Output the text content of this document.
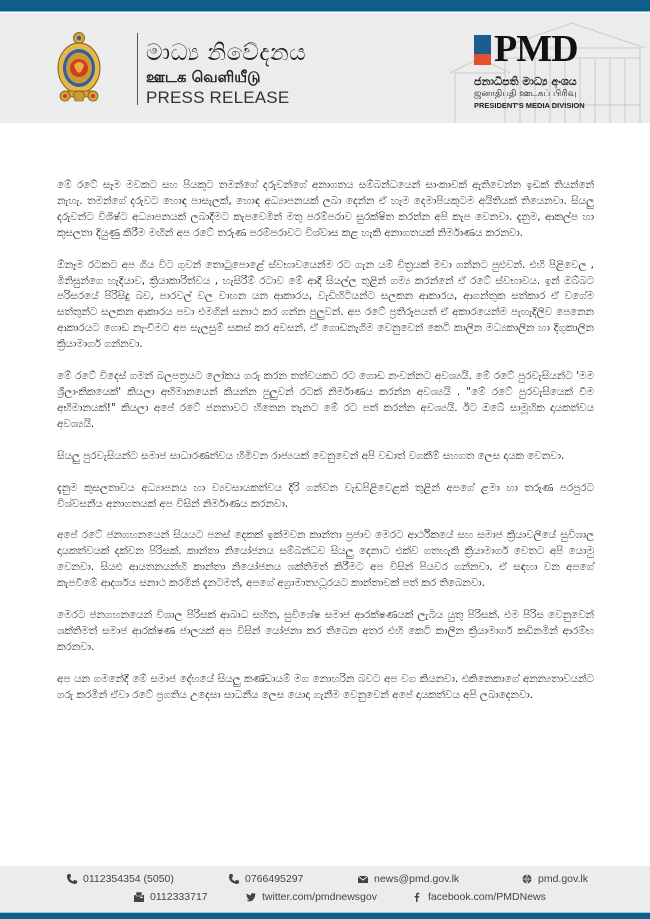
මාධ්‍ය නිවේදනය
ஊடக வெளியீடு
PRESS RELEASE
PMD
ජනාධිපති මාධ්‍ය අංශය
ஜனாதிபதி ஊடகப் பிரிவு
PRESIDENT'S MEDIA DIVISION

මේ රටේ සෑම මවකට සහ පියකුට තමන්ගේ දරුවන්ගේ අනාගතය සම්බන්ධයෙන් සාංකාවක් ඇතිවෙන්න ඉඩක් තියන්නේ නැහැ. තමන්ගේ දරුවට හොඳ පාසැලක්, හොඳ අධ්‍යාපනයක් ලබා දෙන්න ඒ හැම දෙමාපියකුටම අයිතියක් තියෙනවා. සියලු දරුවන්ට විශිෂ්ට අධ්‍යාපනයක් ලබාදීමට කැපවෙමින් මතු පරම්පරාව සුරක්ෂිත කරන්න අපි කැප වෙනවා. දැනුම, ආකල්ප හා කුසලතා දියුණු කිරීම මඟින් අප රටේ තරුණ පරම්පරාවට විශ්වාස කළ හැකි අනාගතයක් නිර්මාණය කරනවා.

ඕනෑම රටකට අප ගිය විට ගුවන් තොටුපොළේ ස්වභාවයෙන්ම රට ගැන යම් චිත්‍රයක් මවා ගන්නට පුළුවන්. එහි පිළිවෙල , මිනිසුන්ගෙ හැදියාව, ක්‍රියාකාරිත්වය , හැසිරීම් රටාව මේ ආදී සියල්ල තුළින් ගම්‍ය කරන්නේ ඒ රටේ ස්වභාවය. ඉන් ඔබ්බට පරිසරයේ පිරිසිදු බව, පාරවල් වල වාහන යන ආකාරය, වැඩිහිටියන්ට සලකන ආකාරය, ආගන්තුක සත්කාර ඒ වගේම සත්තුන්ට සලකන ආකාරය පවා එමගින් සනාථ කර ගන්න පුලුවන්. අප රටේ ප්‍රතිරූපයත් ඒ අකාරයෙන්ම පැහැදිලිව පෙනෙන ආකාරයට ගොඩ නැංවීමට අප සැලසුම් සකස් කර අවසන්. ඒ ගොඩනැගීම වෙනුවෙන් කෙටි කාලින මධ්‍යකාලින හා දිගුකාලින ක්‍රියාමාර්ග ගන්නවා.

මේ රටේ විදෙස් ගමන් බලපත්‍රයට ලෝකය ගරු කරන තත්වයකට රට ගොඩ නංවන්නට අවශ්‍යයි. මේ රටේ පුරවැසියන්ට 'මම ශ්‍රීලාංකිකයෙක්' කියලා අභිමානයෙන් කියන්න පුලුවන් රටක් නිර්මාණය කරන්න අවශ්‍යයි . "මේ රටේ පුරවැසියෙක් වීම අභිමානයක්!" කියලා අපේ රටේ ජනතාවට හිතෙන තැනට මේ රට පත් කරන්න අවශ්‍යයි. ඊට ඔබේ සාමූහික දායකත්වය අවශ්‍යයි.

සියලු පුරවැසියන්ට සමාජ සාධාරණත්වය හිමිවන රාජ්‍යයක් වෙනුවෙන් අපි වඩාත් වගකීම් සහගත ලෙස දායක වෙනවා.

දැනුම කුසලතාවය අධ්‍යාපනය හා ව්‍යවසායකත්වය දිරි ගන්වන වැඩපිළිවෙළක් තුළින් අපගේ ළමා හා තරුණ පරපුරට විශ්වසනීය අනාගතයක් අප විසින් නිර්මාණය කරනවා.

අපේ රටේ ජනගහනයෙන් සියයට පනස් දෙකක් ඉක්මවන කාන්තා ප්‍රජාව මෙරට ආර්ථිකයේ සහ සමාජ ක්‍රියාවලියේ සුවිශාල දායකත්වයක් දක්වන පිරිසක්. කාන්තා නියෝජනය සම්බන්ධව සියලු දෙනාට එක්ව ගතහැකි ක්‍රියාමාර්ග වෙතට අපි යොමු වෙනවා. සියළු ආයතනයන්හි කාන්තා නියෝජනය ශක්තිමත් කිරීමට අප විසින් පියවර ගන්නවා. ඒ සඳහා වන අපගේ කැපවීමේ ආදර්ශය සනාථ කරමින් දැනටමත්, අපගේ අග්‍රාමාත්‍යධූරයට කාන්තාවක් පත් කර තිබෙනවා.

මෙරට ජනගහනයෙන් විශාල පිරිසක් ආබාධ සහිත, සුවිශේෂ සමාජ ආරක්ෂණයක් ලැබිය යුතු පිරිසක්. එම පිරිස වෙනුවෙන් ශක්තිමත් සමාජ ආරක්ෂණ ජාලයක් අප විසින් යෝජනා කර තිබෙන අතර එහි කෙටි කාලින ක්‍රියාමාර්ග කඩිනමින් ආරම්භ කරනවා.

අප යන ගමනේදී මේ සමාජ දේහයේ සියලු කණ්ඩායම් මග නොහරින බවට අප වග කියනවා. එකිනෙකාගේ අනන්‍යතාවයන්ට ගරු කරමින් ඒවා රටේ ප්‍රගතිය උදෙසා සාධනීය ලෙස යොදා ගැනීම වෙනුවෙන් අපේ දායකත්වය අපි ලබාදෙනවා.

0112354354 (5050)	0766495297	news@pmd.gov.lk	pmd.gov.lk
0112333717	twitter.com/pmdnewsgov	facebook.com/PMDNews
